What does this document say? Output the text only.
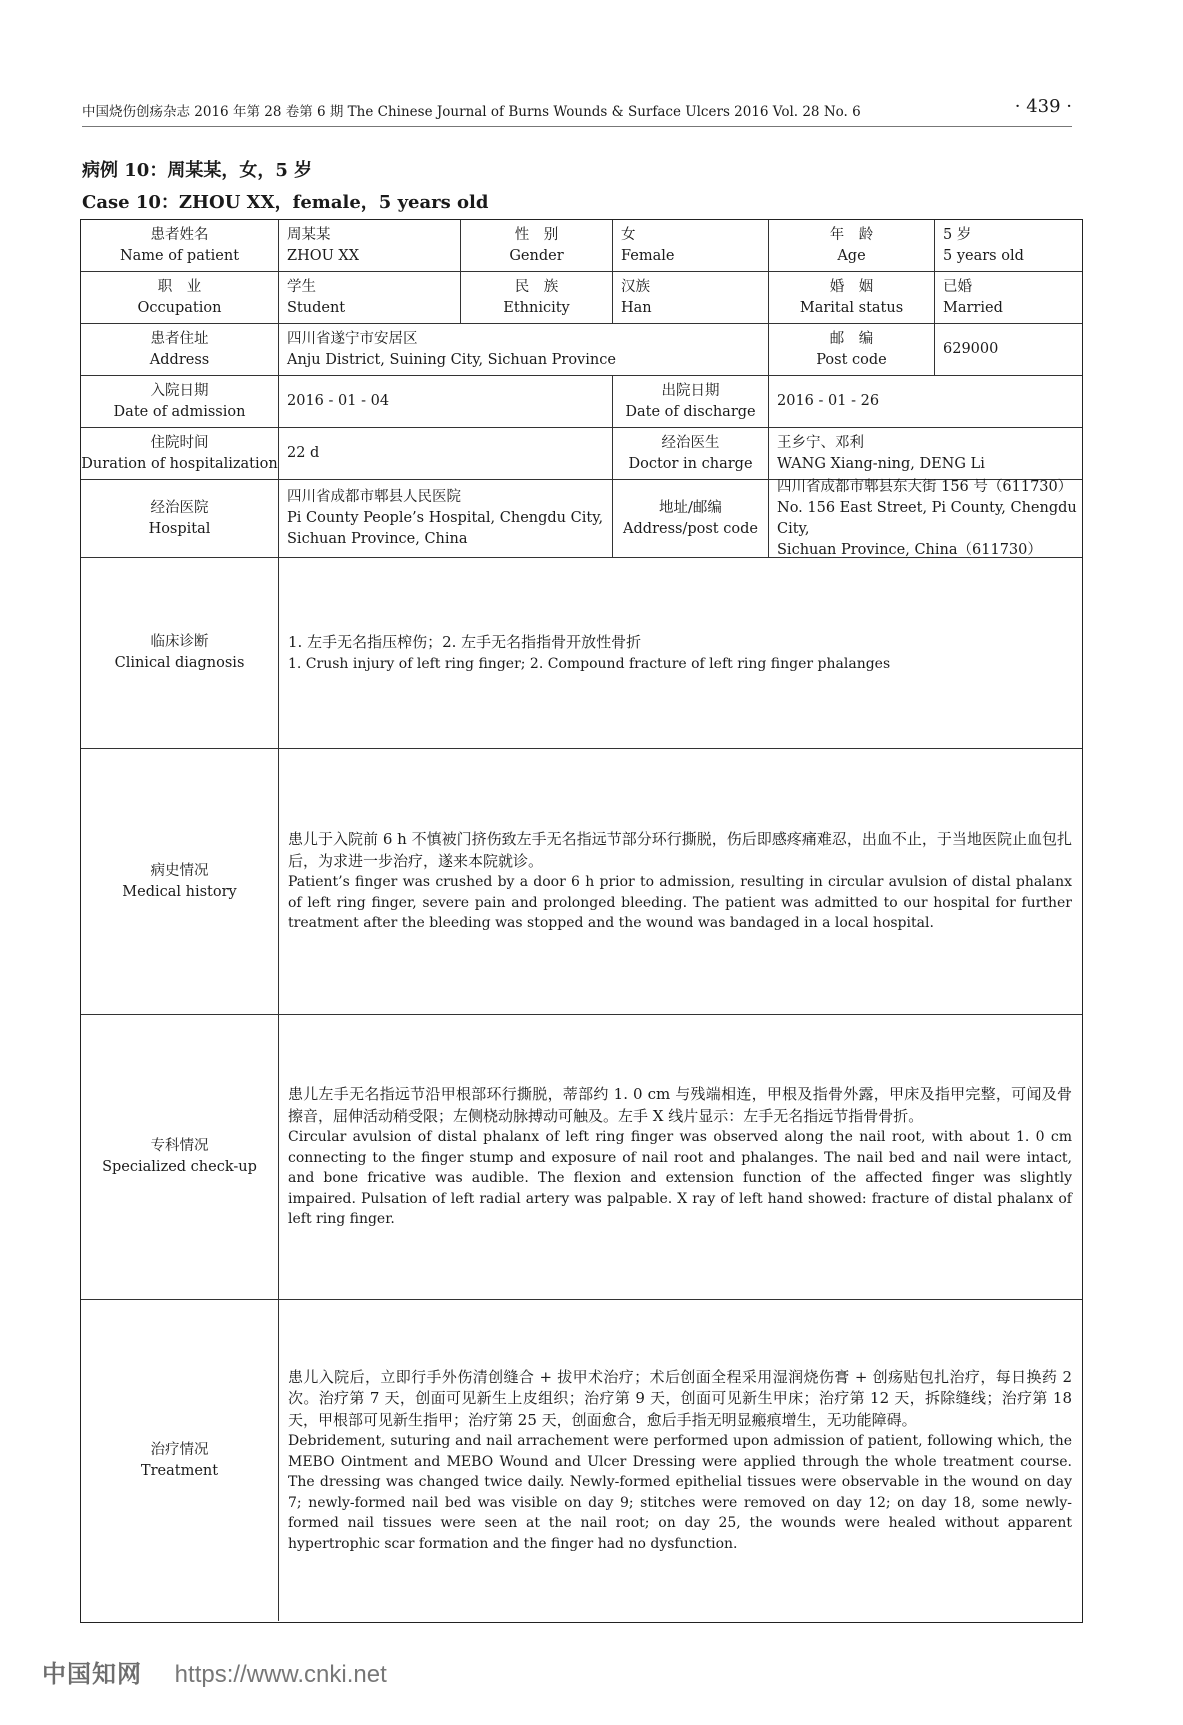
中国烧伤创疡杂志 2016 年第 28 卷第 6 期 The Chinese Journal of Burns Wounds & Surface Ulcers 2016 Vol. 28 No. 6	· 439 ·
病例 10：周某某，女，5 岁
Case 10：ZHOU XX，female，5 years old
患者姓名
Name of patient
周某某
ZHOU XX
性　别
Gender
女
Female
年　龄
Age
5 岁
5 years old
职　业
Occupation
学生
Student
民　族
Ethnicity
汉族
Han
婚　姻
Marital status
已婚
Married
患者住址
Address
四川省遂宁市安居区
Anju District, Suining City, Sichuan Province
邮　编
Post code
629000
入院日期
Date of admission
2016 - 01 - 04
出院日期
Date of discharge
2016 - 01 - 26
住院时间
Duration of hospitalization
22 d
经治医生
Doctor in charge
王乡宁、邓利
WANG Xiang-ning, DENG Li
经治医院
Hospital
四川省成都市郫县人民医院
Pi County People’s Hospital, Chengdu City,
Sichuan Province, China
地址/邮编
Address/post code
四川省成都市郫县东大街 156 号（611730）
No. 156 East Street, Pi County, Chengdu City,
Sichuan Province, China（611730）
临床诊断
Clinical diagnosis
1. 左手无名指压榨伤；2. 左手无名指指骨开放性骨折
1. Crush injury of left ring finger; 2. Compound fracture of left ring finger phalanges
病史情况
Medical history
患儿于入院前 6 h 不慎被门挤伤致左手无名指远节部分环行撕脱，伤后即感疼痛难忍，出血不止，于当地医院止血包扎后，为求进一步治疗，遂来本院就诊。
Patient’s finger was crushed by a door 6 h prior to admission, resulting in circular avulsion of distal phalanx of left ring finger, severe pain and prolonged bleeding. The patient was admitted to our hospital for further treatment after the bleeding was stopped and the wound was bandaged in a local hospital.
专科情况
Specialized check-up
患儿左手无名指远节沿甲根部环行撕脱，蒂部约 1. 0 cm 与残端相连，甲根及指骨外露，甲床及指甲完整，可闻及骨擦音，屈伸活动稍受限；左侧桡动脉搏动可触及。左手 X 线片显示：左手无名指远节指骨骨折。
Circular avulsion of distal phalanx of left ring finger was observed along the nail root, with about 1. 0 cm connecting to the finger stump and exposure of nail root and phalanges. The nail bed and nail were intact, and bone fricative was audible. The flexion and extension function of the affected finger was slightly impaired. Pulsation of left radial artery was palpable. X ray of left hand showed: fracture of distal phalanx of left ring finger.
治疗情况
Treatment
患儿入院后，立即行手外伤清创缝合 + 拔甲术治疗；术后创面全程采用湿润烧伤膏 + 创疡贴包扎治疗，每日换药 2 次。治疗第 7 天，创面可见新生上皮组织；治疗第 9 天，创面可见新生甲床；治疗第 12 天，拆除缝线；治疗第 18 天，甲根部可见新生指甲；治疗第 25 天，创面愈合，愈后手指无明显瘢痕增生，无功能障碍。
Debridement, suturing and nail arrachement were performed upon admission of patient, following which, the MEBO Ointment and MEBO Wound and Ulcer Dressing were applied through the whole treatment course. The dressing was changed twice daily. Newly-formed epithelial tissues were observable in the wound on day 7; newly-formed nail bed was visible on day 9; stitches were removed on day 12; on day 18, some newly-formed nail tissues were seen at the nail root; on day 25, the wounds were healed without apparent hypertrophic scar formation and the finger had no dysfunction.
中国知网 https://www.cnki.net
